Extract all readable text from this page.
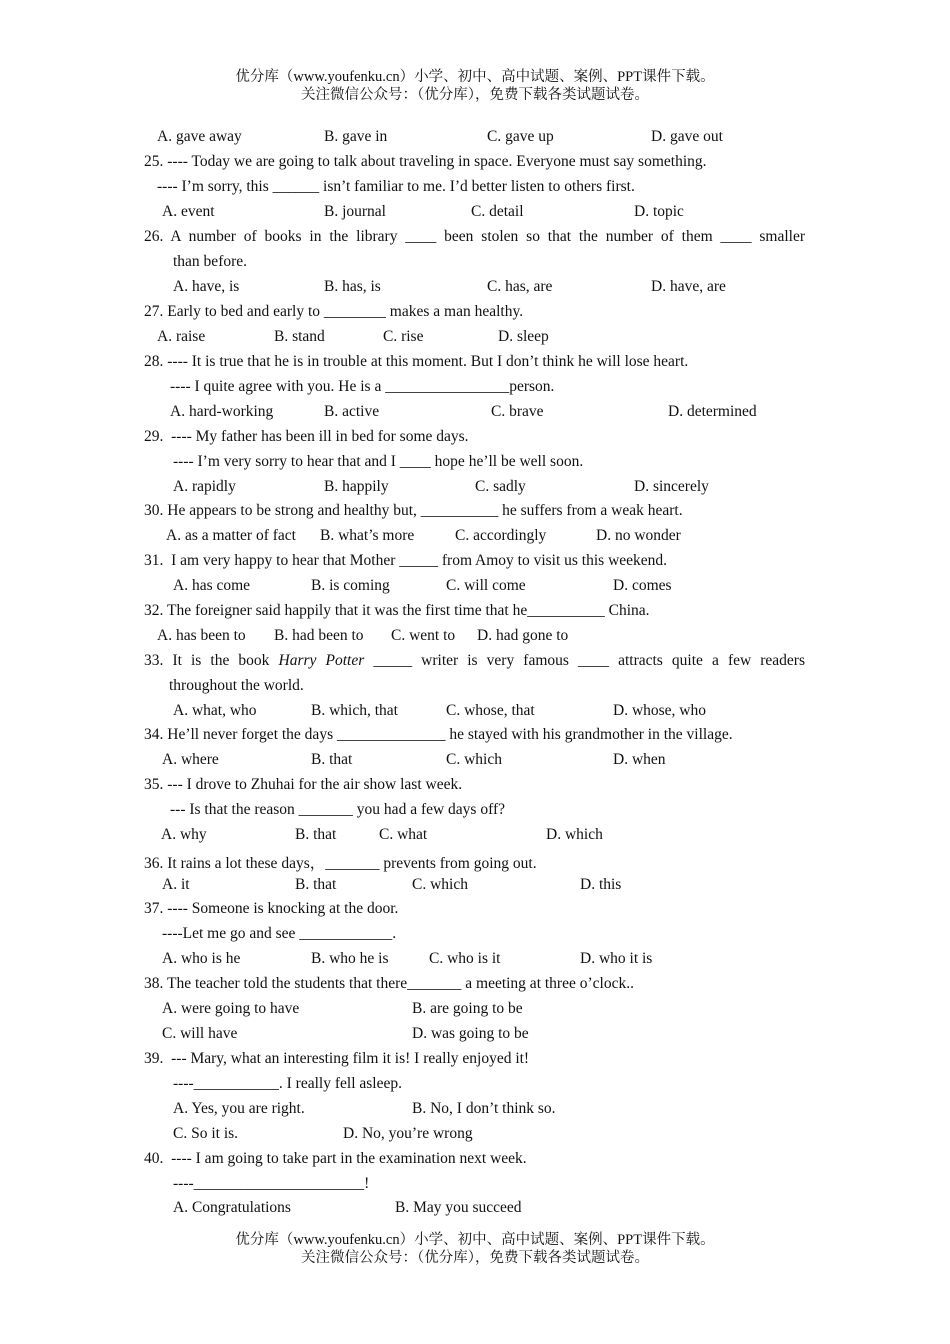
优分库（www.youfenku.cn）小学、初中、高中试题、案例、PPT课件下载。
关注微信公众号：（优分库），免费下载各类试题试卷。
A. gave away	B. gave in	C. gave up	D. gave out
25. ---- Today we are going to talk about traveling in space. Everyone must say something.
---- I’m sorry, this ______ isn’t familiar to me. I’d better listen to others first.
A. event	B. journal	C. detail	D. topic
26. A number of books in the library ____ been stolen so that the number of them ____ smaller
than before.
A. have, is	B. has, is	C. has, are	D. have, are
27. Early to bed and early to ________ makes a man healthy.
A. raise	B. stand	C. rise	D. sleep
28. ---- It is true that he is in trouble at this moment. But I don’t think he will lose heart.
---- I quite agree with you. He is a ________________person.
A. hard-working	B. active	C. brave	D. determined
29.  ---- My father has been ill in bed for some days.
---- I’m very sorry to hear that and I ____ hope he’ll be well soon.
A. rapidly	B. happily	C. sadly	D. sincerely
30. He appears to be strong and healthy but, __________ he suffers from a weak heart.
A. as a matter of fact B. what’s more	C. accordingly	D. no wonder
31.  I am very happy to hear that Mother _____ from Amoy to visit us this weekend.
A. has come	B. is coming	C. will come	D. comes
32. The foreigner said happily that it was the first time that he__________ China.
A. has been to B. had been to C. went to D. had gone to
33. It is the book Harry Potter _____ writer is very famous ____ attracts quite a few readers
throughout the world.
A. what, who	B. which, that	C. whose, that	D. whose, who
34. He’ll never forget the days ______________ he stayed with his grandmother in the village.
A. where	B. that	C. which	D. when
35. --- I drove to Zhuhai for the air show last week.
--- Is that the reason _______ you had a few days off?
A. why	B. that	C. what	D. which
36. It rains a lot these days，_______ prevents from going out.
A. it	B. that	C. which	D. this
37. ---- Someone is knocking at the door.
----Let me go and see ____________.
A. who is he	B. who he is	C. who is it	D. who it is
38. The teacher told the students that there_______ a meeting at three o’clock..
A. were going to have	B. are going to be
C. will have	D. was going to be
39.  --- Mary, what an interesting film it is! I really enjoyed it!
----___________. I really fell asleep.
A. Yes, you are right.	B. No, I don’t think so.
C. So it is.	D. No, you’re wrong
40.  ---- I am going to take part in the examination next week.
----______________________!
A. Congratulations	B. May you succeed
优分库（www.youfenku.cn）小学、初中、高中试题、案例、PPT课件下载。
关注微信公众号：（优分库），免费下载各类试题试卷。
